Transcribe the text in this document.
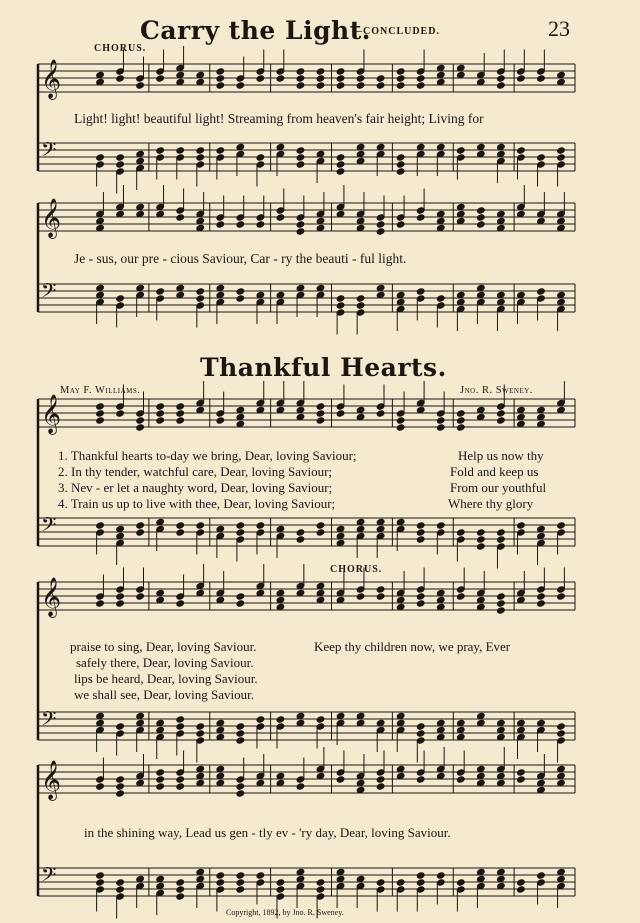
𝄞
𝄢
𝄞
𝄢
𝄞
𝄢
𝄞
𝄢
𝄞
𝄢
Carry the Light.
—CONCLUDED.	23
CHORUS.
Light! light! beautiful light! Streaming from heaven's fair height; Living for
Je - sus, our pre - cious Saviour, Car - ry the beauti - ful light.
Thankful Hearts.
May F. Williams.	Jno. R. Sweney.
1. Thankful hearts to-day we bring, Dear, loving Saviour;	Help us now thy
2. In thy tender, watchful care, Dear, loving Saviour;	Fold and keep us
3. Nev - er let a naughty word, Dear, loving Saviour;	From our youthful
4. Train us up to live with thee, Dear, loving Saviour;	Where thy glory
CHORUS.
praise to sing, Dear, loving Saviour.
safely there, Dear, loving Saviour.
lips be heard, Dear, loving Saviour.
we shall see, Dear, loving Saviour.
Keep thy children now, we pray, Ever
in the shining way, Lead us gen - tly ev - 'ry day, Dear, loving Saviour.
Copyright, 1892, by Jno. R. Sweney.
